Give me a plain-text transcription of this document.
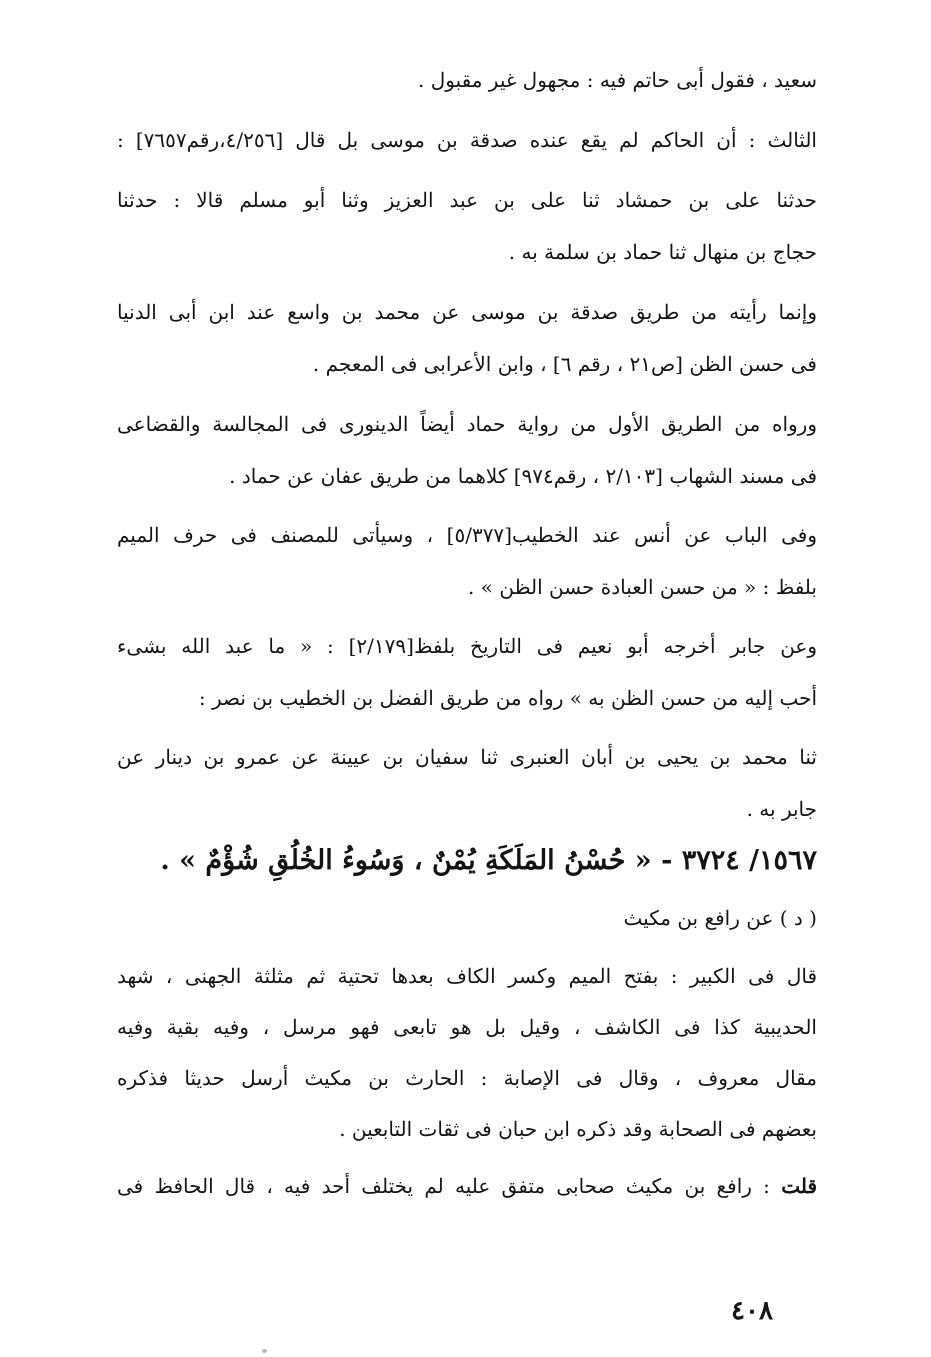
سعيد ، فقول أبى حاتم فيه : مجهول غير مقبول .
الثالث : أن الحاكم لم يقع عنده صدقة بن موسى بل قال [٤/٢٥٦،رقم٧٦٥٧] :
حدثنا على بن حمشاد ثنا على بن عبد العزيز وثنا أبو مسلم قالا : حدثنا
حجاج بن منهال ثنا حماد بن سلمة به .
وإنما رأيته من طريق صدقة بن موسى عن محمد بن واسع عند ابن أبى الدنيا
فى حسن الظن [ص٢١ ، رقم ٦] ، وابن الأعرابى فى المعجم .
ورواه من الطريق الأول من رواية حماد أيضاً الدينورى فى المجالسة والقضاعى
فى مسند الشهاب [٢/١٠٣ ، رقم٩٧٤] كلاهما من طريق عفان عن حماد .
وفى الباب عن أنس عند الخطيب[٥/٣٧٧] ، وسيأتى للمصنف فى حرف الميم
بلفظ : « من حسن العبادة حسن الظن » .
وعن جابر أخرجه أبو نعيم فى التاريخ بلفظ[٢/١٧٩] : « ما عبد الله بشىء
أحب إليه من حسن الظن به » رواه من طريق الفضل بن الخطيب بن نصر :
ثنا محمد بن يحيى بن أبان العنبرى ثنا سفيان بن عيينة عن عمرو بن دينار عن
جابر به .
١٥٦٧/ ٣٧٢٤ - « حُسْنُ المَلَكَةِ يُمْنٌ ، وَسُوءُ الخُلُقِ شُؤْمٌ » .
( د ) عن رافع بن مكيث
قال فى الكبير : بفتح الميم وكسر الكاف بعدها تحتية ثم مثلثة الجهنى ، شهد
الحديبية كذا فى الكاشف ، وقيل بل هو تابعى فهو مرسل ، وفيه بقية وفيه
مقال معروف ، وقال فى الإصابة : الحارث بن مكيث أرسل حديثا فذكره
بعضهم فى الصحابة وقد ذكره ابن حبان فى ثقات التابعين .
قلت : رافع بن مكيث صحابى متفق عليه لم يختلف أحد فيه ، قال الحافظ فى
٤٠٨
